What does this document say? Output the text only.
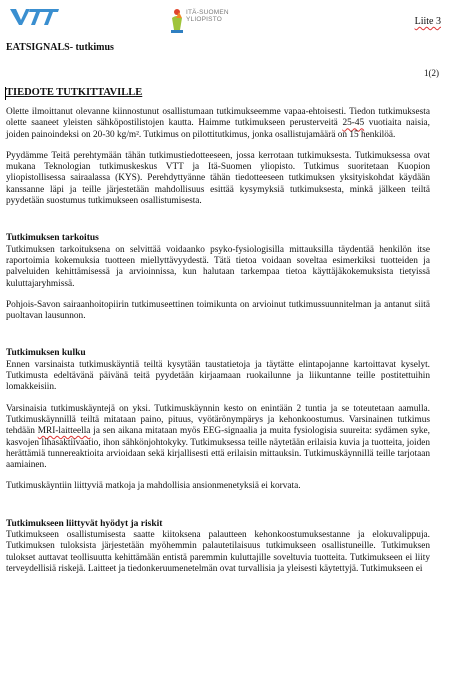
ITÄ-SUOMEN
YLIOPISTO	Liite 3
EATSIGNALS- tutkimus
1(2)
TIEDOTE TUTKITTAVILLE

Olette ilmoittanut olevanne kiinnostunut osallistumaan tutkimukseemme vapaa-ehtoisesti. Tiedon tutkimuksesta olette saaneet yleisten sähköpostilistojen kautta. Haimme tutkimukseen perusterveitä 25-45 vuotiaita naisia, joiden painoindeksi on 20-30 kg/m². Tutkimus on pilottitutkimus, jonka osallistujamäärä on 15 henkilöä.

Pyydämme Teitä perehtymään tähän tutkimustiedotteeseen, jossa kerrotaan tutkimuksesta. Tutkimuksessa ovat mukana Teknologian tutkimuskeskus VTT ja Itä-Suomen yliopisto. Tutkimus suoritetaan Kuopion yliopistollisessa sairaalassa (KYS). Perehdyttyänne tähän tiedotteeseen tutkimuksen yksityiskohdat käydään kanssanne läpi ja teille järjestetään mahdollisuus esittää kysymyksiä tutkimuksesta, minkä jälkeen teiltä pyydetään suostumus tutkimukseen osallistumisesta.

Tutkimuksen tarkoitus

Tutkimuksen tarkoituksena on selvittää voidaanko psyko-fysiologisilla mittauksilla täydentää henkilön itse raportoimia kokemuksia tuotteen miellyttävyydestä. Tätä tietoa voidaan soveltaa esimerkiksi tuotteiden ja palveluiden kehittämisessä ja arvioinnissa, kun halutaan tarkempaa tietoa käyttäjäkokemuksista tietyissä kuluttajaryhmissä.

Pohjois-Savon sairaanhoitopiirin tutkimuseettinen toimikunta on arvioinut tutkimussuunnitelman ja antanut siitä puoltavan lausunnon.

Tutkimuksen kulku

Ennen varsinaista tutkimuskäyntiä teiltä kysytään taustatietoja ja täytätte elintapojanne kartoittavat kyselyt. Tutkimusta edeltävänä päivänä teitä pyydetään kirjaamaan ruokailunne ja liikuntanne teille postitettuihin lomakkeisiin.

Varsinaisia tutkimuskäyntejä on yksi. Tutkimuskäynnin kesto on enintään 2 tuntia ja se toteutetaan aamulla. Tutkimuskäynnillä teiltä mitataan paino, pituus, vyötärönympärys ja kehonkoostumus. Varsinainen tutkimus tehdään MRI-laitteella ja sen aikana mitataan myös EEG-signaalia ja muita fysiologisia suureita: sydämen syke, kasvojen lihasaktiivaatio, ihon sähkönjohtokyky. Tutkimuksessa teille näytetään erilaisia kuvia ja tuotteita, joiden herättämiä tunnereaktioita arvioidaan sekä kirjallisesti että erilaisin mittauksin. Tutkimuskäynnillä teille tarjotaan aamiainen.

Tutkimuskäyntiin liittyviä matkoja ja mahdollisia ansionmenetyksiä ei korvata.

Tutkimukseen liittyvät hyödyt ja riskit

Tutkimukseen osallistumisesta saatte kiitoksena palautteen kehonkoostumuksestanne ja elokuvalippuja. Tutkimuksen tuloksista järjestetään myöhemmin palautetilaisuus tutkimukseen osallistuneille. Tutkimuksen tulokset auttavat teollisuutta kehittämään entistä paremmin kuluttajille soveltuvia tuotteita. Tutkimukseen ei liity terveydellisiä riskejä. Laitteet ja tiedonkeruumenetelmän ovat turvallisia ja yleisesti käytettyjä. Tutkimukseen ei
